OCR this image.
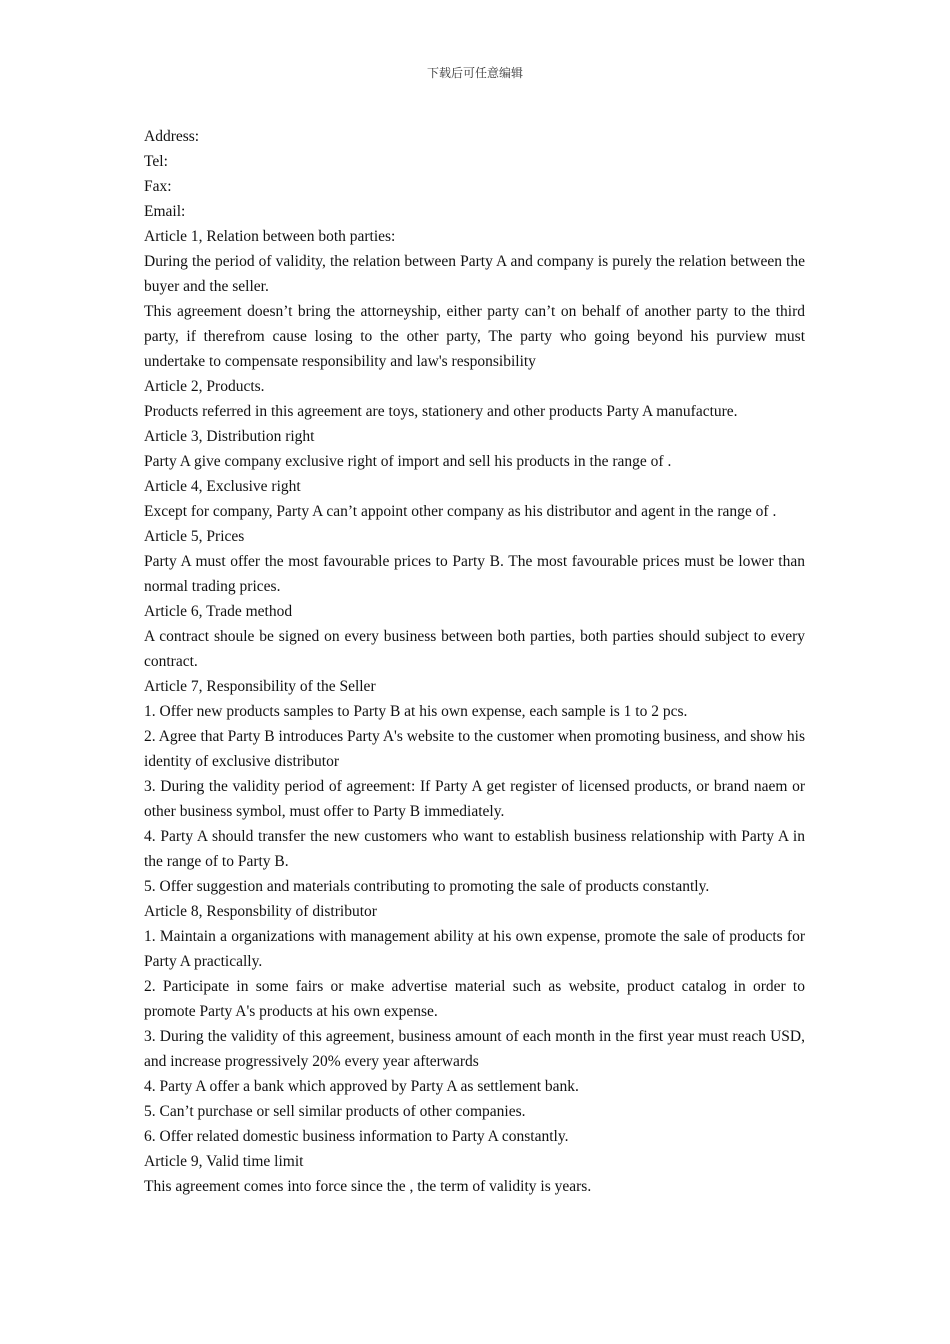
下载后可任意编辑

Address:

Tel:

Fax:

Email:

Article 1, Relation between both parties:

During the period of validity, the relation between Party A and company is purely the relation between the buyer and the seller.

This agreement doesn’t bring the attorneyship, either party can’t on behalf of another party to the third party, if therefrom cause losing to the other party, The party who going beyond his purview must undertake to compensate responsibility and law's responsibility

Article 2, Products.

Products referred in this agreement are toys, stationery and other products Party A manufacture.

Article 3, Distribution right

Party A give company exclusive right of import and sell his products in the range of .

Article 4, Exclusive right

Except for company, Party A can’t appoint other company as his distributor and agent in the range of .

Article 5, Prices

Party A must offer the most favourable prices to Party B. The most favourable prices must be lower than normal trading prices.

Article 6, Trade method

A contract shoule be signed on every business between both parties, both parties should subject to every contract.

Article 7, Responsibility of the Seller

1. Offer new products samples to Party B at his own expense, each sample is 1 to 2 pcs.

2. Agree that Party B introduces Party A's website to the customer when promoting business, and show his identity of exclusive distributor

3. During the validity period of agreement: If Party A get register of licensed products, or brand naem or other business symbol, must offer to Party B immediately.

4. Party A should transfer the new customers who want to establish business relationship with Party A in the range of to Party B.

5. Offer suggestion and materials contributing to promoting the sale of products constantly.

Article 8, Responsbility of distributor

1. Maintain a organizations with management ability at his own expense, promote the sale of products for Party A practically.

2. Participate in some fairs or make advertise material such as website, product catalog in order to promote Party A's products at his own expense.

3. During the validity of this agreement, business amount of each month in the first year must reach USD, and increase progressively 20% every year afterwards

4. Party A offer a bank which approved by Party A as settlement bank.

5. Can’t purchase or sell similar products of other companies.

6. Offer related domestic business information to Party A constantly.

Article 9, Valid time limit

This agreement comes into force since the , the term of validity is years.
